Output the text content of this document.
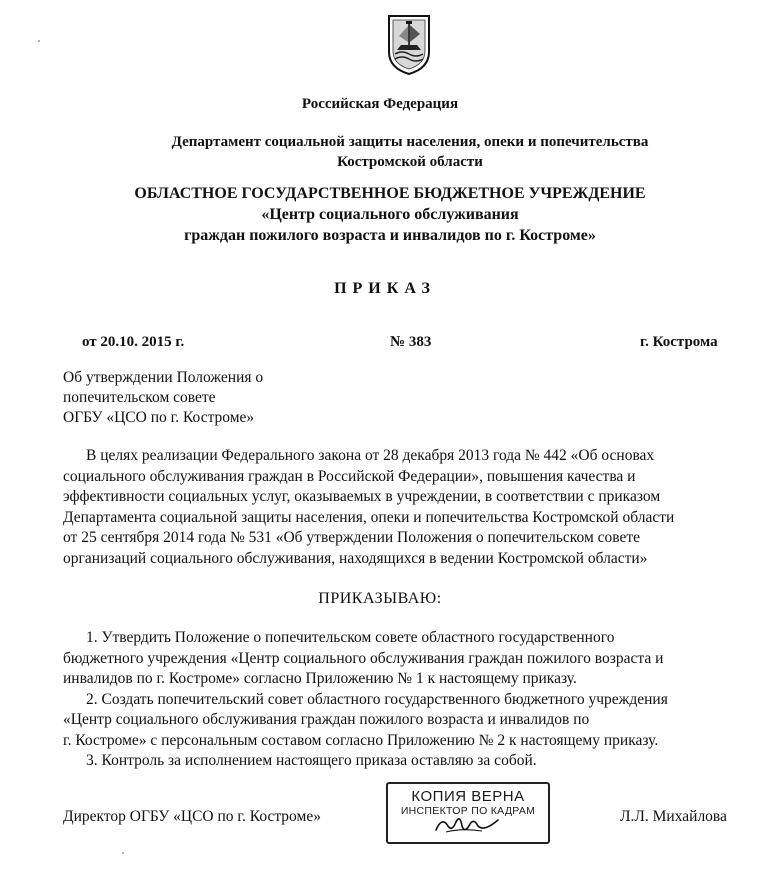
Российская Федерация
Департамент социальной защиты населения, опеки и попечительства
Костромской области
ОБЛАСТНОЕ ГОСУДАРСТВЕННОЕ БЮДЖЕТНОЕ УЧРЕЖДЕНИЕ
«Центр социального обслуживания
граждан пожилого возраста и инвалидов по г. Костроме»
ПРИКАЗ
от 20.10. 2015 г.	№ 383	г. Кострома
Об утверждении Положения о
попечительском совете
ОГБУ «ЦСО по г. Костроме»
В целях реализации Федерального закона от 28 декабря 2013 года № 442 «Об основах
социального обслуживания граждан в Российской Федерации», повышения качества и
эффективности социальных услуг, оказываемых в учреждении, в соответствии с приказом
Департамента социальной защиты населения, опеки и попечительства Костромской области
от 25 сентября 2014 года № 531 «Об утверждении Положения о попечительском совете
организаций социального обслуживания, находящихся в ведении Костромской области»
ПРИКАЗЫВАЮ:
1. Утвердить Положение о попечительском совете областного государственного
бюджетного учреждения «Центр социального обслуживания граждан пожилого возраста и
инвалидов по г. Костроме» согласно Приложению № 1 к настоящему приказу.
2. Создать попечительский совет областного государственного бюджетного учреждения
«Центр социального обслуживания граждан пожилого возраста и инвалидов по
г. Костроме» с персональным составом согласно Приложению № 2 к настоящему приказу.
3. Контроль за исполнением настоящего приказа оставляю за собой.
Директор ОГБУ «ЦСО по г. Костроме»
КОПИЯ ВЕРНА
ИНСПЕКТОР ПО КАДРАМ	Л.Л. Михайлова
